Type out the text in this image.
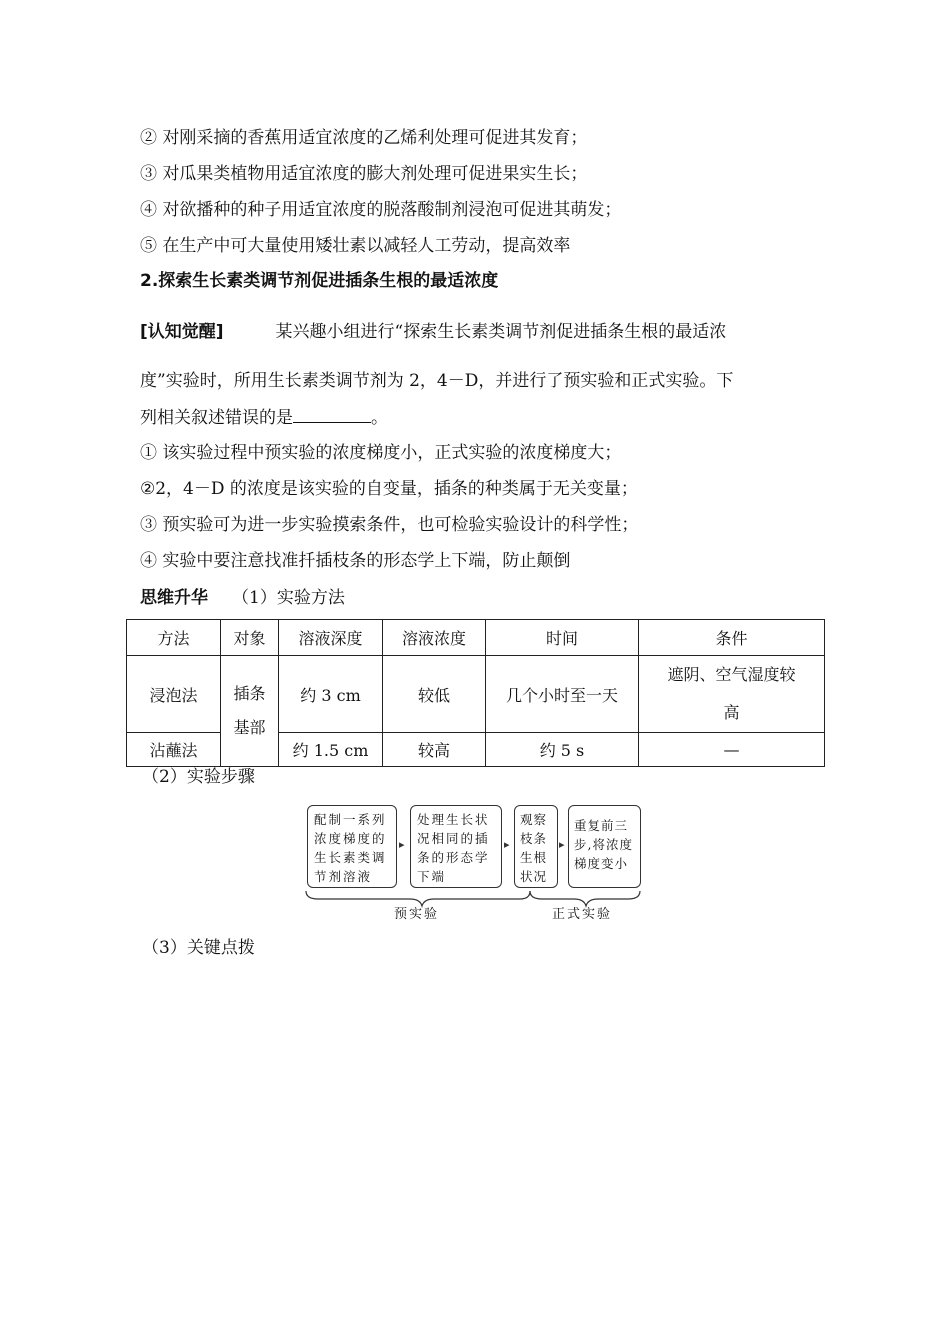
② 对刚采摘的香蕉用适宜浓度的乙烯利处理可促进其发育；
③ 对瓜果类植物用适宜浓度的膨大剂处理可促进果实生长；
④ 对欲播种的种子用适宜浓度的脱落酸制剂浸泡可促进其萌发；
⑤ 在生产中可大量使用矮壮素以减轻人工劳动，提高效率
2.探索生长素类调节剂促进插条生根的最适浓度
[认知觉醒]	某兴趣小组进行“探索生长素类调节剂促进插条生根的最适浓
度”实验时，所用生长素类调节剂为 2，4－D，并进行了预实验和正式实验。下
列相关叙述错误的是	。
① 该实验过程中预实验的浓度梯度小，正式实验的浓度梯度大；
②2，4－D 的浓度是该实验的自变量，插条的种类属于无关变量；
③ 预实验可为进一步实验摸索条件，也可检验实验设计的科学性；
④ 实验中要注意找准扦插枝条的形态学上下端，防止颠倒
思维升华 （1）实验方法
方法	对象	溶液深度	溶液浓度	时间	条件
浸泡法	插条基部	约 3 cm	较低	几个小时至一天	遮阴、空气湿度较
高

沾蘸法		约 1.5 cm	较高	约 5 s	—
（2）实验步骤
配制一系列
浓度梯度的
生长素类调
节剂溶液
▸
处理生长状
况相同的插
条的形态学
下端
▸
观察
枝条
生根
状况
▸
重复前三
步,将浓度
梯度变小
预实验	正式实验
（3）关键点拨
